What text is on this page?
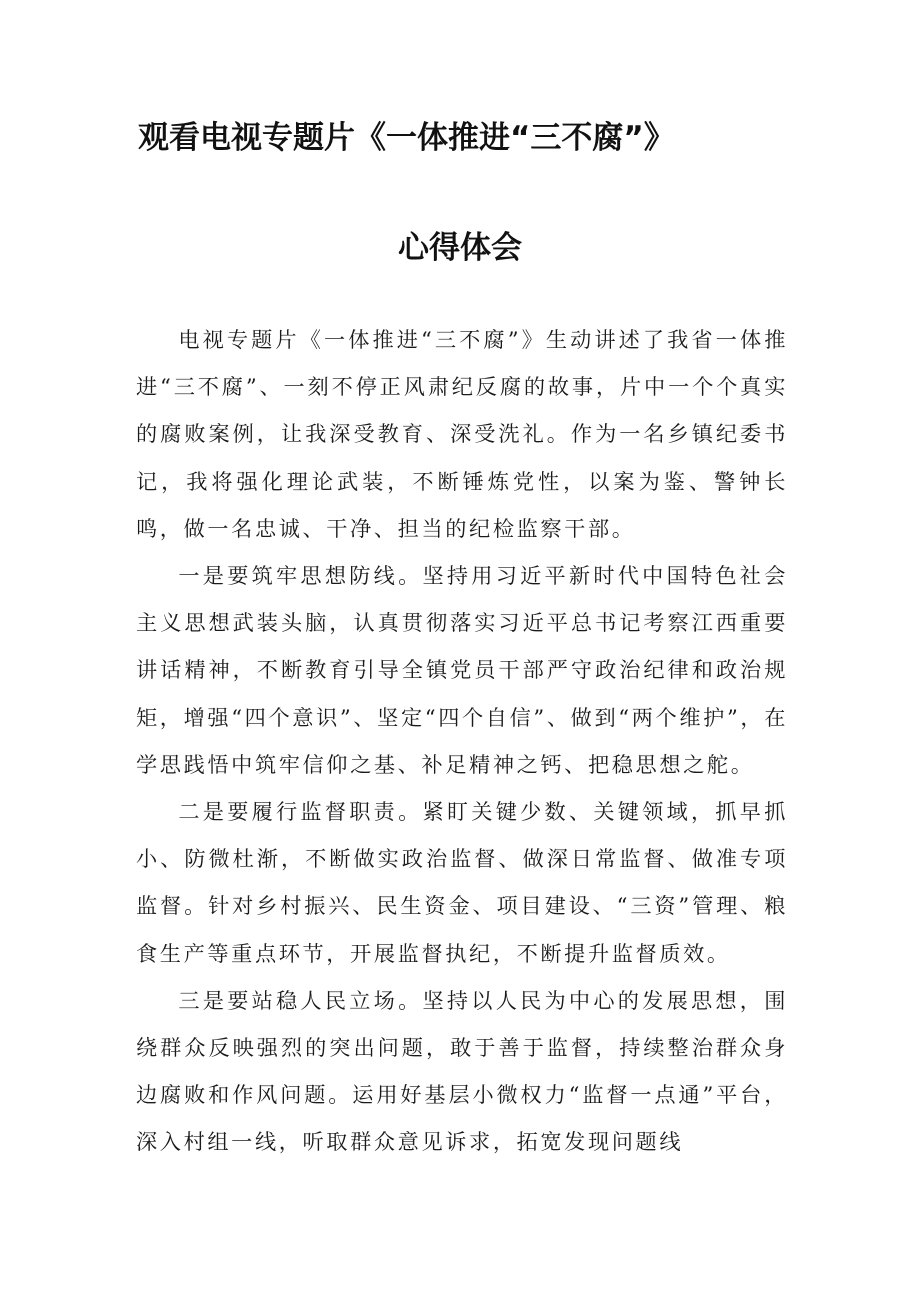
观看电视专题片《一体推进“三不腐”》
心得体会

电视专题片《一体推进“三不腐”》生动讲述了我省一体推进“三不腐”、一刻不停正风肃纪反腐的故事，片中一个个真实的腐败案例，让我深受教育、深受洗礼。作为一名乡镇纪委书记，我将强化理论武装，不断锤炼党性，以案为鉴、警钟长鸣，做一名忠诚、干净、担当的纪检监察干部。

一是要筑牢思想防线。坚持用习近平新时代中国特色社会主义思想武装头脑，认真贯彻落实习近平总书记考察江西重要讲话精神，不断教育引导全镇党员干部严守政治纪律和政治规矩，增强“四个意识”、坚定“四个自信”、做到“两个维护”，在学思践悟中筑牢信仰之基、补足精神之钙、把稳思想之舵。

二是要履行监督职责。紧盯关键少数、关键领域，抓早抓小、防微杜渐，不断做实政治监督、做深日常监督、做准专项监督。针对乡村振兴、民生资金、项目建设、“三资”管理、粮食生产等重点环节，开展监督执纪，不断提升监督质效。

三是要站稳人民立场。坚持以人民为中心的发展思想，围绕群众反映强烈的突出问题，敢于善于监督，持续整治群众身边腐败和作风问题。运用好基层小微权力“监督一点通”平台，深入村组一线，听取群众意见诉求，拓宽发现问题线
